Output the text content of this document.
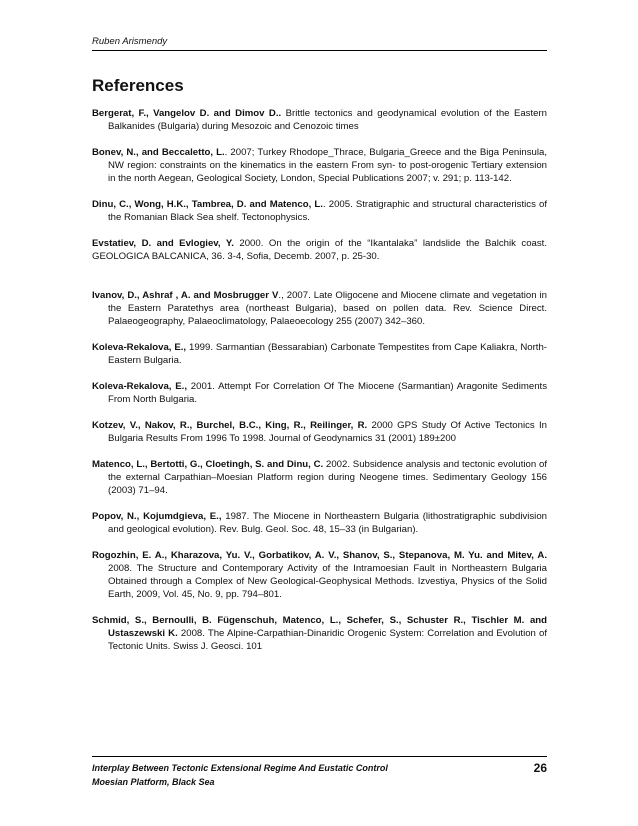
Ruben Arismendy
References

Bergerat, F., Vangelov D. and Dimov D.. Brittle tectonics and geodynamical evolution of the Eastern Balkanides (Bulgaria) during Mesozoic and Cenozoic times

Bonev, N., and Beccaletto, L.. 2007; Turkey Rhodope_Thrace, Bulgaria_Greece and the Biga Peninsula, NW region: constraints on the kinematics in the eastern From syn- to post-orogenic Tertiary extension in the north Aegean, Geological Society, London, Special Publications 2007; v. 291; p. 113-142.

Dinu, C., Wong, H.K., Tambrea, D. and Matenco, L.. 2005. Stratigraphic and structural characteristics of the Romanian Black Sea shelf. Tectonophysics.

Evstatiev, D. and Evlogiev, Y. 2000. On the origin of the “Ikantalaka” landslide the Balchik coast. GEOLOGICA BALCANICA, 36. 3-4, Sofia, Decemb. 2007, p. 25-30.

Ivanov, D., Ashraf , A. and Mosbrugger V., 2007. Late Oligocene and Miocene climate and vegetation in the Eastern Paratethys area (northeast Bulgaria), based on pollen data. Rev. Science Direct. Palaeogeography, Palaeoclimatology, Palaeoecology 255 (2007) 342–360.

Koleva-Rekalova, E., 1999. Sarmantian (Bessarabian) Carbonate Tempestites from Cape Kaliakra, North-Eastern Bulgaria.

Koleva-Rekalova, E., 2001. Attempt For Correlation Of The Miocene (Sarmantian) Aragonite Sediments From North Bulgaria.

Kotzev, V., Nakov, R., Burchel, B.C., King, R., Reilinger, R. 2000 GPS Study Of Active Tectonics In Bulgaria Results From 1996 To 1998. Journal of Geodynamics 31 (2001) 189±200

Matenco, L., Bertotti, G., Cloetingh, S. and Dinu, C. 2002. Subsidence analysis and tectonic evolution of the external Carpathian–Moesian Platform region during Neogene times. Sedimentary Geology 156 (2003) 71–94.

Popov, N., Kojumdgieva, E., 1987. The Miocene in Northeastern Bulgaria (lithostratigraphic subdivision and geological evolution). Rev. Bulg. Geol. Soc. 48, 15–33 (in Bulgarian).

Rogozhin, E. A., Kharazova, Yu. V., Gorbatikov, A. V., Shanov, S., Stepanova, M. Yu. and Mitev, A. 2008. The Structure and Contemporary Activity of the Intramoesian Fault in Northeastern Bulgaria Obtained through a Complex of New Geological-Geophysical Methods. Izvestiya, Physics of the Solid Earth, 2009, Vol. 45, No. 9, pp. 794–801.

Schmid, S., Bernoulli, B. Fügenschuh, Matenco, L., Schefer, S., Schuster R., Tischler M. and Ustaszewski K. 2008. The Alpine-Carpathian-Dinaridic Orogenic System: Correlation and Evolution of Tectonic Units. Swiss J. Geosci. 101

Interplay Between Tectonic Extensional Regime And Eustatic Control
Moesian Platform, Black Sea
26
